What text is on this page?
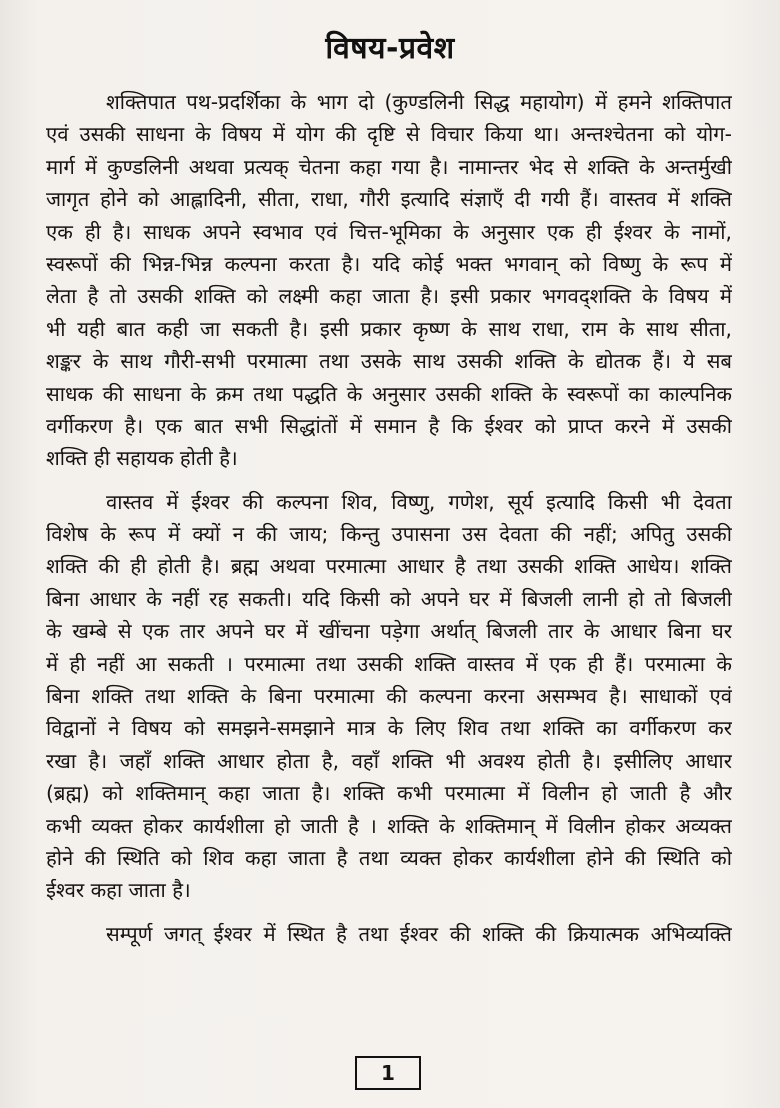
विषय-प्रवेश
शक्तिपात पथ-प्रदर्शिका के भाग दो (कुण्डलिनी सिद्ध महायोग) में हमने शक्तिपात
एवं उसकी साधना के विषय में योग की दृष्टि से विचार किया था। अन्तश्चेतना को योग-
मार्ग में कुण्डलिनी अथवा प्रत्यक् चेतना कहा गया है। नामान्तर भेद से शक्ति के अन्तर्मुखी
जागृत होने को आह्लादिनी, सीता, राधा, गौरी इत्यादि संज्ञाएँ दी गयी हैं। वास्तव में शक्ति
एक ही है। साधक अपने स्वभाव एवं चित्त-भूमिका के अनुसार एक ही ईश्वर के नामों,
स्वरूपों की भिन्न-भिन्न कल्पना करता है। यदि कोई भक्त भगवान् को विष्णु के रूप में
लेता है तो उसकी शक्ति को लक्ष्मी कहा जाता है। इसी प्रकार भगवद्शक्ति के विषय में
भी यही बात कही जा सकती है। इसी प्रकार कृष्ण के साथ राधा, राम के साथ सीता,
शङ्कर के साथ गौरी-सभी परमात्मा तथा उसके साथ उसकी शक्ति के द्योतक हैं। ये सब
साधक की साधना के क्रम तथा पद्धति के अनुसार उसकी शक्ति के स्वरूपों का काल्पनिक
वर्गीकरण है। एक बात सभी सिद्धांतों में समान है कि ईश्वर को प्राप्त करने में उसकी
शक्ति ही सहायक होती है।
वास्तव में ईश्वर की कल्पना शिव, विष्णु, गणेश, सूर्य इत्यादि किसी भी देवता
विशेष के रूप में क्यों न की जाय; किन्तु उपासना उस देवता की नहीं; अपितु उसकी
शक्ति की ही होती है। ब्रह्म अथवा परमात्मा आधार है तथा उसकी शक्ति आधेय। शक्ति
बिना आधार के नहीं रह सकती। यदि किसी को अपने घर में बिजली लानी हो तो बिजली
के खम्बे से एक तार अपने घर में खींचना पड़ेगा अर्थात् बिजली तार के आधार बिना घर
में ही नहीं आ सकती । परमात्मा तथा उसकी शक्ति वास्तव में एक ही हैं। परमात्मा के
बिना शक्ति तथा शक्ति के बिना परमात्मा की कल्पना करना असम्भव है। साधाकों एवं
विद्वानों ने विषय को समझने-समझाने मात्र के लिए शिव तथा शक्ति का वर्गीकरण कर
रखा है। जहाँ शक्ति आधार होता है, वहाँ शक्ति भी अवश्य होती है। इसीलिए आधार
(ब्रह्म) को शक्तिमान् कहा जाता है। शक्ति कभी परमात्मा में विलीन हो जाती है और
कभी व्यक्त होकर कार्यशीला हो जाती है । शक्ति के शक्तिमान् में विलीन होकर अव्यक्त
होने की स्थिति को शिव कहा जाता है तथा व्यक्त होकर कार्यशीला होने की स्थिति को
ईश्वर कहा जाता है।
सम्पूर्ण जगत् ईश्वर में स्थित है तथा ईश्वर की शक्ति की क्रियात्मक अभिव्यक्ति
1
